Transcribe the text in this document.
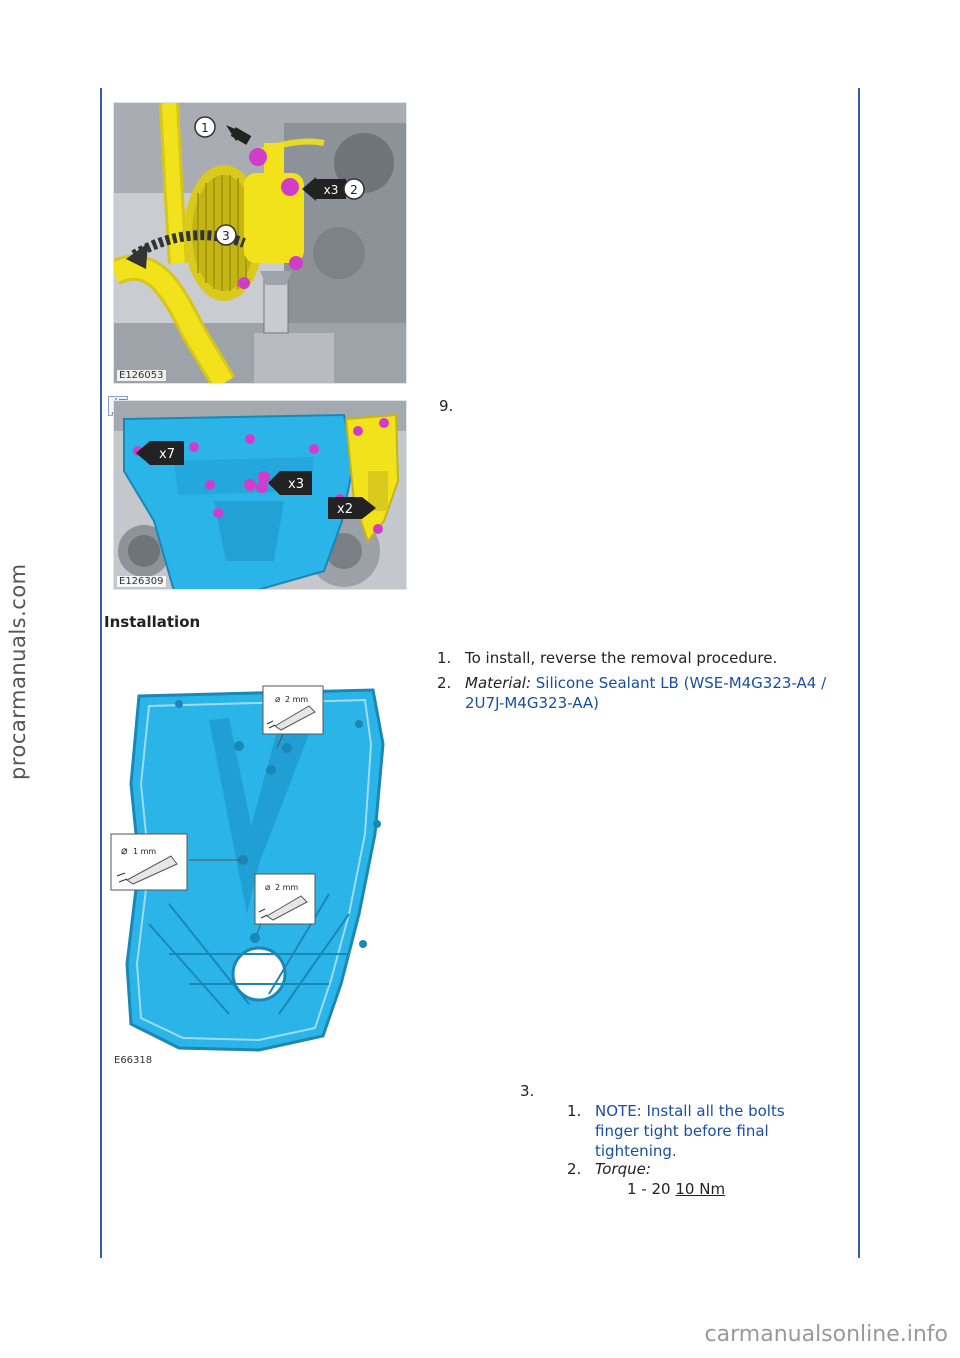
procarmanuals.com
x3
1
2
3
E126053
x7
x3
x2
E126309
9.
Installation
1. To install, reverse the removal procedure.
2. Material: Silicone Sealant LB (WSE-M4G323-A4 / 2U7J-M4G323-AA)
⌀ 2 mm
⌀ 1 mm
⌀ 2 mm
E66318
3.
1. NOTE: Install all the bolts finger tight before final tightening.
2. Torque:
1 - 20 10 Nm
carmanualsonline.info
